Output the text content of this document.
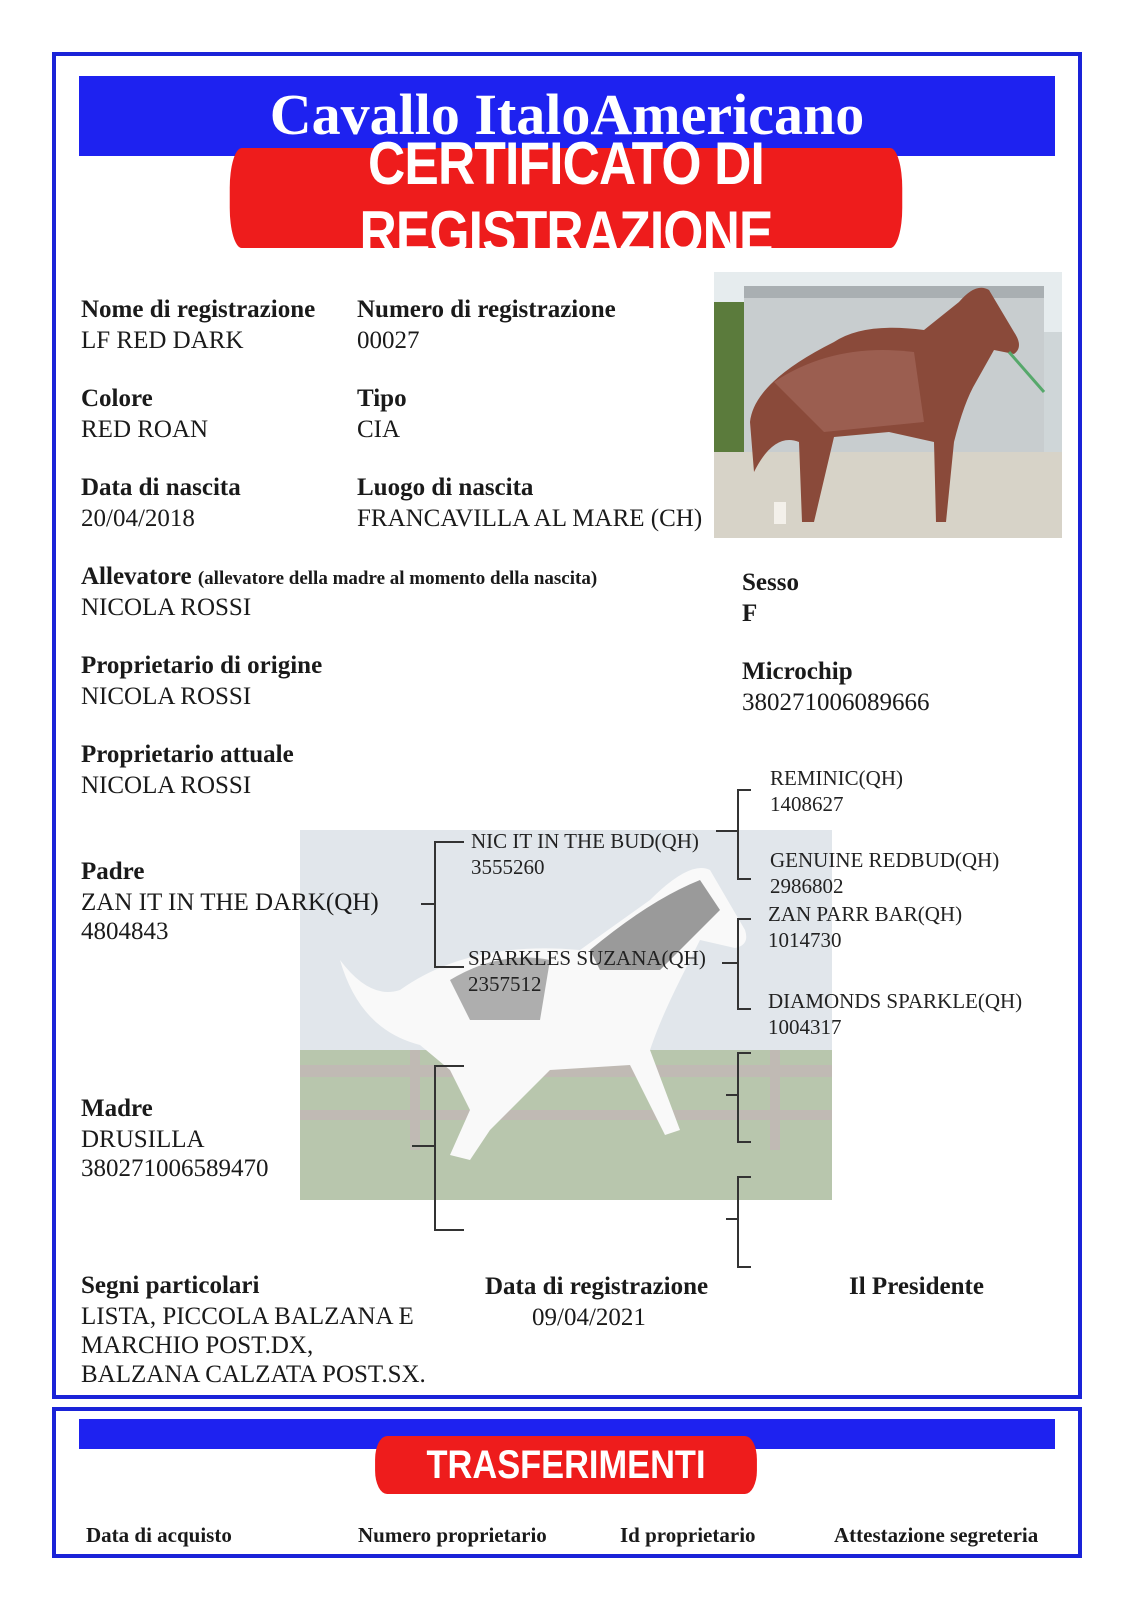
Cavallo ItaloAmericano
CERTIFICATO DI REGISTRAZIONE
Nome di registrazione
LF RED DARK
Numero di registrazione
00027
Colore
RED ROAN
Tipo
CIA
Data di nascita
20/04/2018
Luogo di nascita
FRANCAVILLA AL MARE (CH)
Allevatore (allevatore della madre al momento della nascita)
NICOLA ROSSI
Sesso
F
Proprietario di origine
NICOLA ROSSI
Microchip
380271006089666
Proprietario attuale
NICOLA ROSSI
Padre
ZAN IT IN THE DARK(QH)
4804843
Madre
DRUSILLA
380271006589470
NIC IT IN THE BUD(QH)
3555260
SPARKLES SUZANA(QH)
2357512
REMINIC(QH)
1408627
GENUINE REDBUD(QH)
2986802
ZAN PARR BAR(QH)
1014730
DIAMONDS SPARKLE(QH)
1004317
Segni particolari
LISTA, PICCOLA BALZANA E
MARCHIO POST.DX,
BALZANA CALZATA POST.SX.
Data di registrazione
09/04/2021
Il Presidente
TRASFERIMENTI
Data di acquisto	Numero proprietario	Id proprietario	Attestazione segreteria
